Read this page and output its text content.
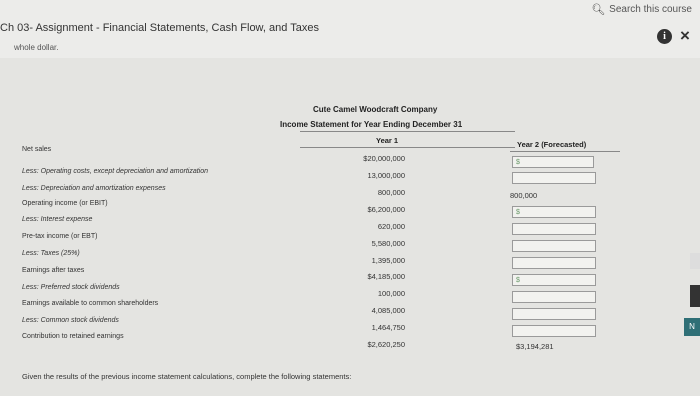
🔍︎ Search this course
Ch 03- Assignment - Financial Statements, Cash Flow, and Taxes
whole dollar.
i ×
Cute Camel Woodcraft Company
Income Statement for Year Ending December 31
Year 1	Year 2 (Forecasted)
Net sales
Less: Operating costs, except depreciation and amortization
Less: Depreciation and amortization expenses
Operating income (or EBIT)
Less: Interest expense
Pre-tax income (or EBT)
Less: Taxes (25%)
Earnings after taxes
Less: Preferred stock dividends
Earnings available to common shareholders
Less: Common stock dividends
Contribution to retained earnings
$20,000,000
13,000,000
800,000
$6,200,000
620,000
5,580,000
1,395,000
$4,185,000
100,000
4,085,000
1,464,750
$2,620,250
$
800,000
$
$
$3,194,281
Given the results of the previous income statement calculations, complete the following statements:
N
